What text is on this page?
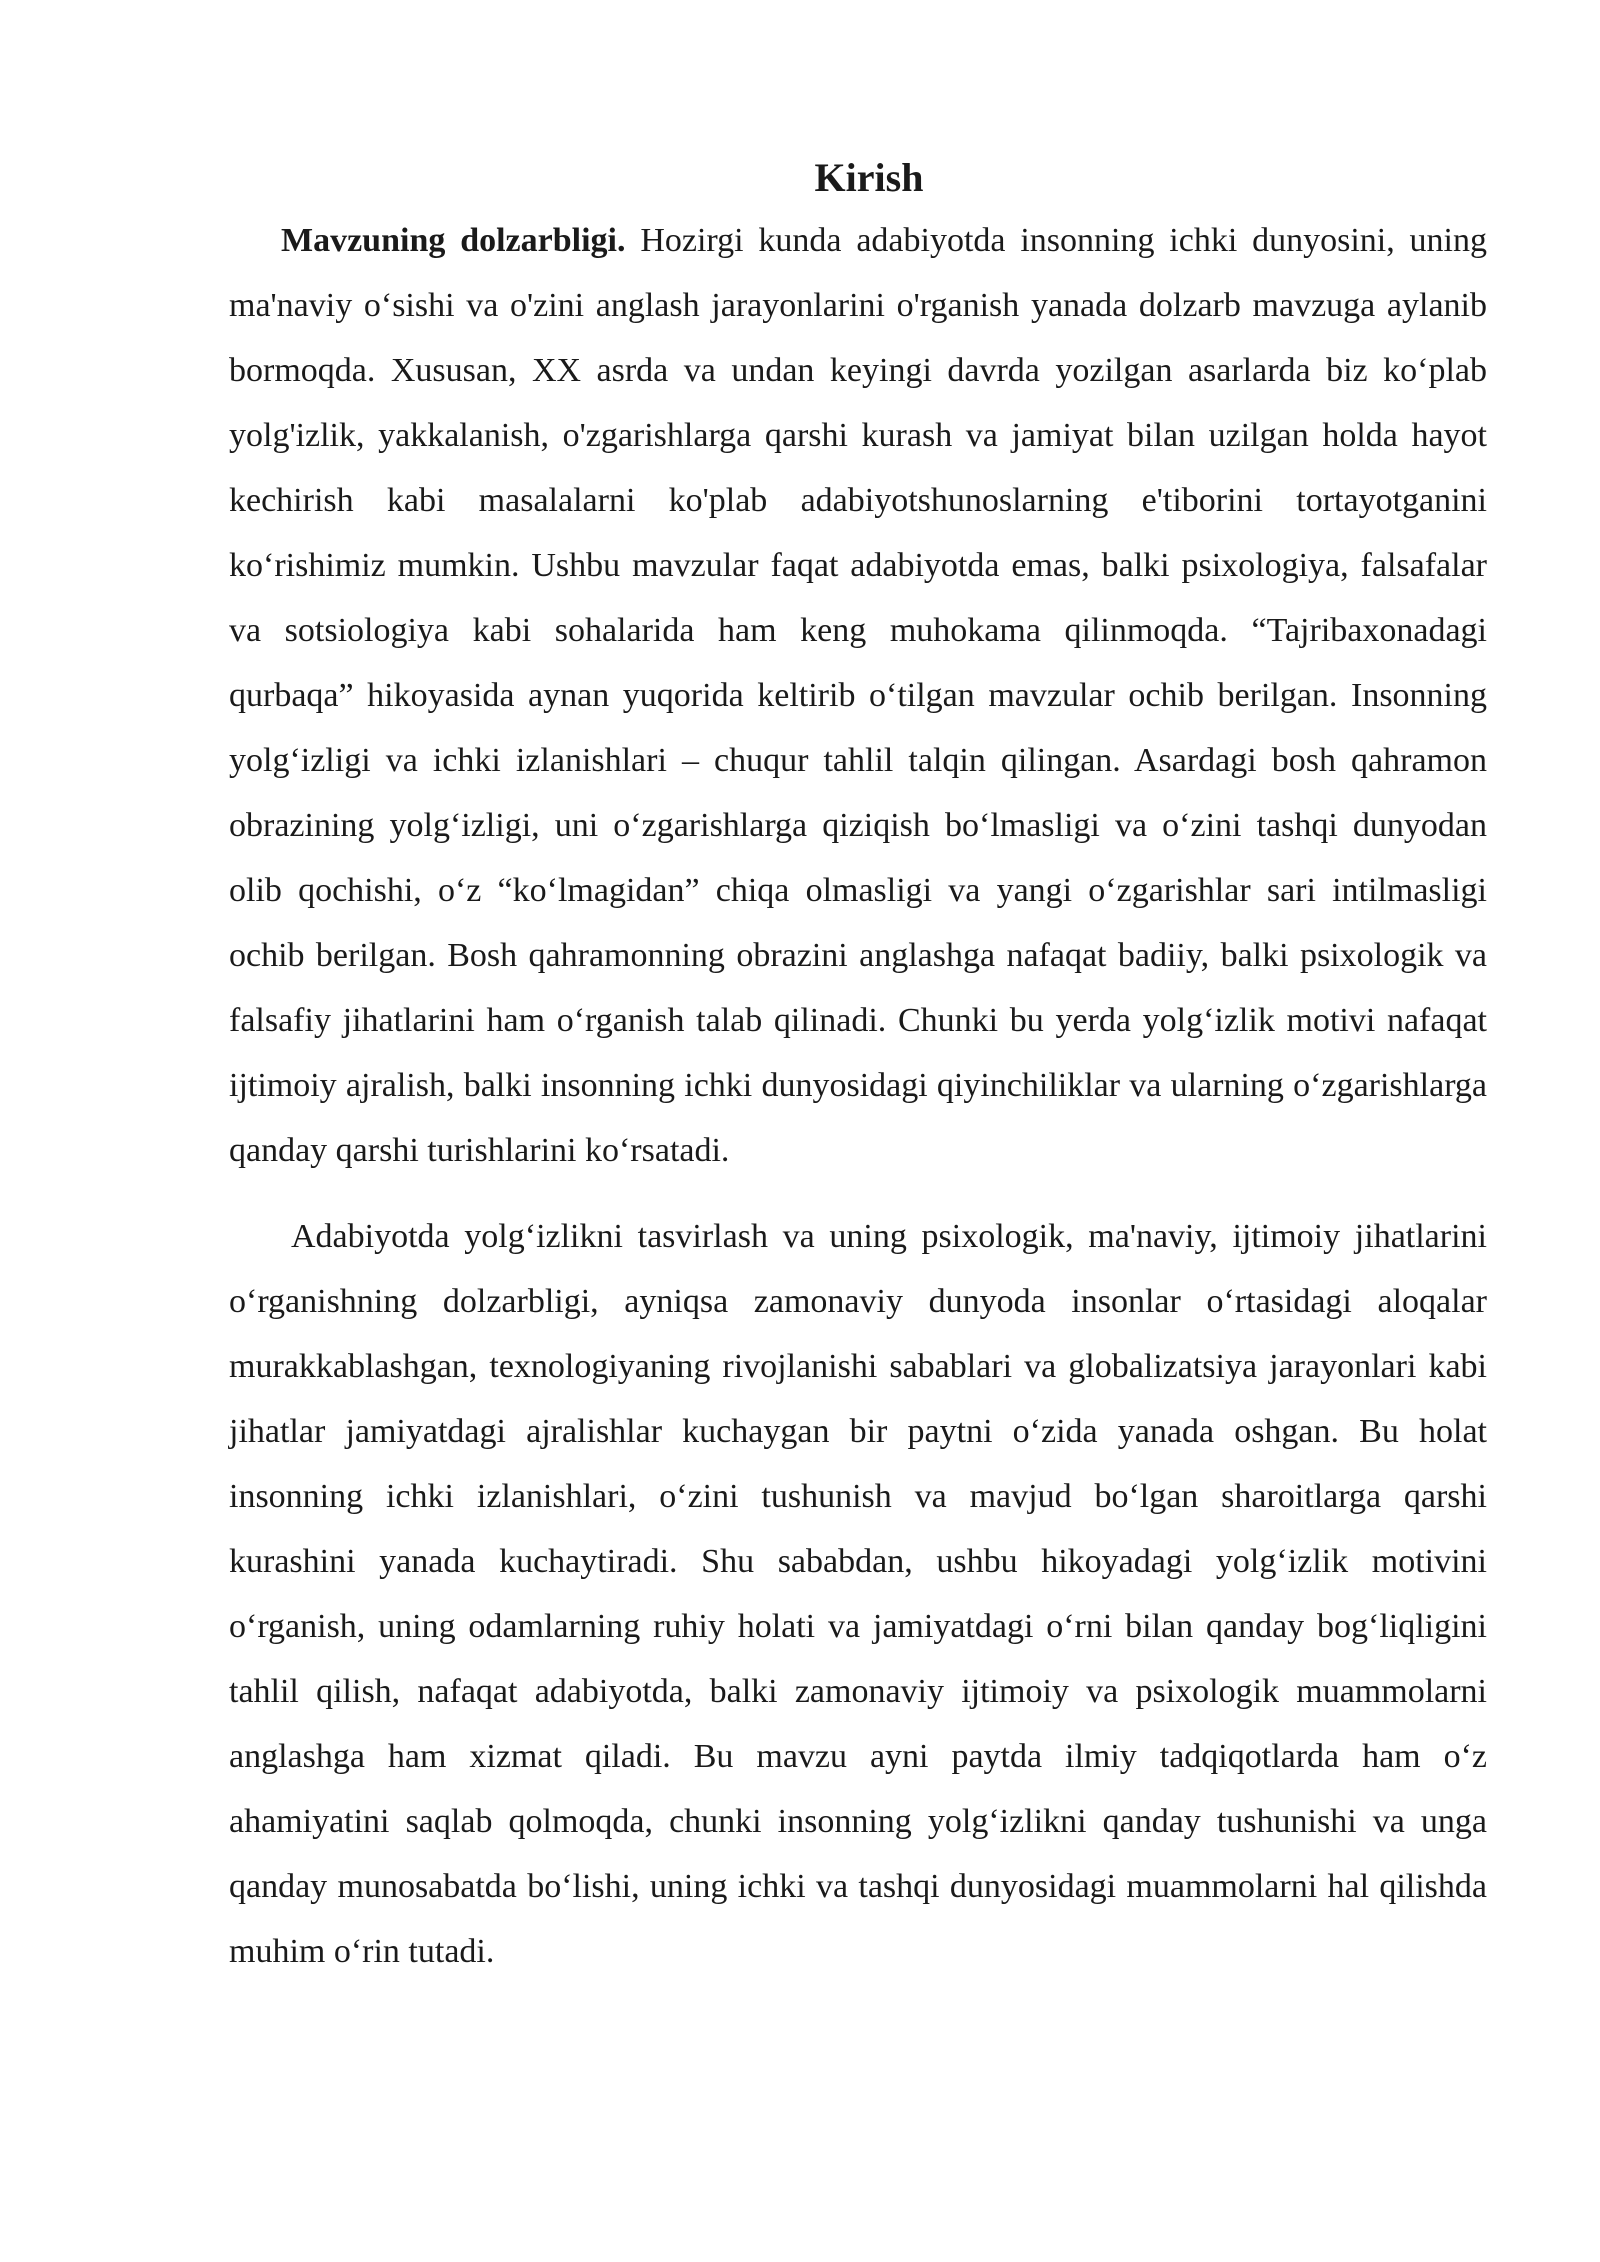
Kirish

Mavzuning dolzarbligi. Hozirgi kunda adabiyotda insonning ichki dunyosini, uning ma'naviy o‘sishi va o'zini anglash jarayonlarini o'rganish yanada dolzarb mavzuga aylanib bormoqda. Xususan, XX asrda va undan keyingi davrda yozilgan asarlarda biz ko‘plab yolg'izlik, yakkalanish, o'zgarishlarga qarshi kurash va jamiyat bilan uzilgan holda hayot kechirish kabi masalalarni ko'plab adabiyotshunoslarning e'tiborini tortayotganini ko‘rishimiz mumkin. Ushbu mavzular faqat adabiyotda emas, balki psixologiya, falsafalar va sotsiologiya kabi sohalarida ham keng muhokama qilinmoqda. “Tajribaxonadagi qurbaqa” hikoyasida aynan yuqorida keltirib o‘tilgan mavzular ochib berilgan. Insonning yolg‘izligi va ichki izlanishlari – chuqur tahlil talqin qilingan. Asardagi bosh qahramon obrazining yolg‘izligi, uni o‘zgarishlarga qiziqish bo‘lmasligi va o‘zini tashqi dunyodan olib qochishi, o‘z “ko‘lmagidan” chiqa olmasligi va yangi o‘zgarishlar sari intilmasligi ochib berilgan. Bosh qahramonning obrazini anglashga nafaqat badiiy, balki psixologik va falsafiy jihatlarini ham o‘rganish talab qilinadi. Chunki bu yerda yolg‘izlik motivi nafaqat ijtimoiy ajralish, balki insonning ichki dunyosidagi qiyinchiliklar va ularning o‘zgarishlarga qanday qarshi turishlarini ko‘rsatadi.

Adabiyotda yolg‘izlikni tasvirlash va uning psixologik, ma'naviy, ijtimoiy jihatlarini o‘rganishning dolzarbligi, ayniqsa zamonaviy dunyoda insonlar o‘rtasidagi aloqalar murakkablashgan, texnologiyaning rivojlanishi sabablari va globalizatsiya jarayonlari kabi jihatlar jamiyatdagi ajralishlar kuchaygan bir paytni o‘zida yanada oshgan. Bu holat insonning ichki izlanishlari, o‘zini tushunish va mavjud bo‘lgan sharoitlarga qarshi kurashini yanada kuchaytiradi. Shu sababdan, ushbu hikoyadagi yolg‘izlik motivini o‘rganish, uning odamlarning ruhiy holati va jamiyatdagi o‘rni bilan qanday bog‘liqligini tahlil qilish, nafaqat adabiyotda, balki zamonaviy ijtimoiy va psixologik muammolarni anglashga ham xizmat qiladi. Bu mavzu ayni paytda ilmiy tadqiqotlarda ham o‘z ahamiyatini saqlab qolmoqda, chunki insonning yolg‘izlikni qanday tushunishi va unga qanday munosabatda bo‘lishi, uning ichki va tashqi dunyosidagi muammolarni hal qilishda muhim o‘rin tutadi.
